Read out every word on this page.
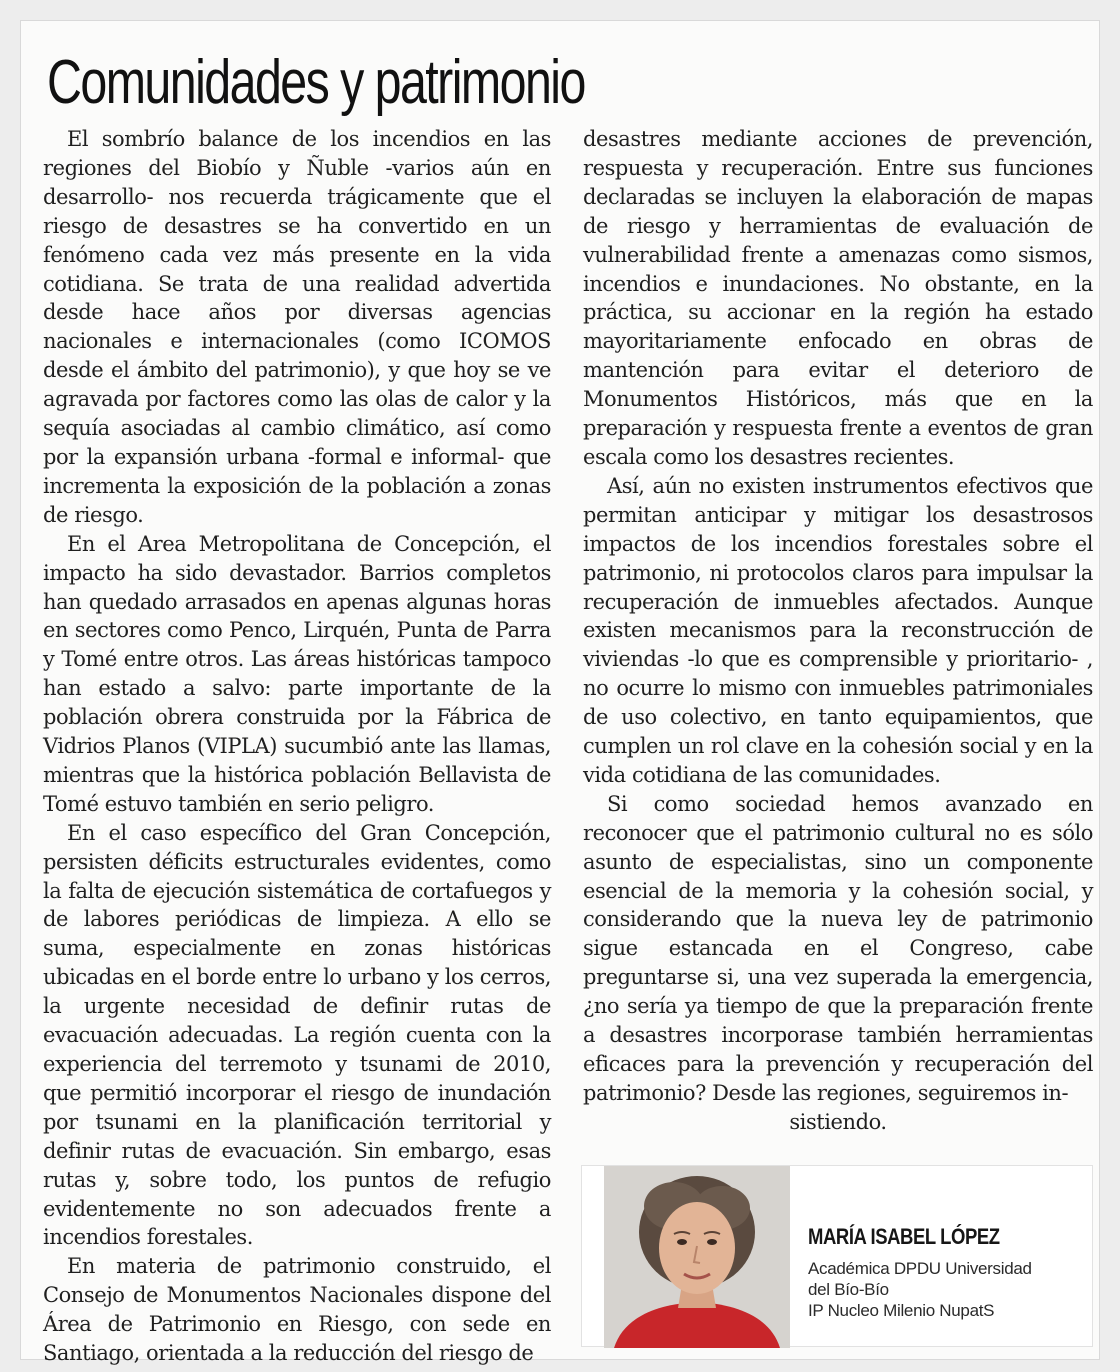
Comunidades y patrimonio

El sombrío balance de los incendios en las regiones del Biobío y Ñuble -varios aún en desarrollo- nos recuerda trágicamente que el riesgo de desastres se ha convertido en un fenómeno cada vez más presente en la vida cotidiana. Se trata de una realidad advertida desde hace años por diversas agencias nacionales e internacionales (como ICOMOS desde el ámbito del patrimonio), y que hoy se ve agravada por factores como las olas de calor y la sequía asociadas al cambio climático, así como por la expansión urbana -formal e informal- que incrementa la exposición de la población a zonas de riesgo.

En el Area Metropolitana de Concepción, el impacto ha sido devastador. Barrios completos han quedado arrasados en apenas algunas horas en sectores como Penco, Lirquén, Punta de Parra y Tomé entre otros. Las áreas históricas tampoco han estado a salvo: parte importante de la población obrera construida por la Fábrica de Vidrios Planos (VIPLA) sucumbió ante las llamas, mientras que la histórica población Bellavista de Tomé estuvo también en serio peligro.

En el caso específico del Gran Concepción, persisten déficits estructurales evidentes, como la falta de ejecución sistemática de cortafuegos y de labores periódicas de limpieza. A ello se suma, especialmente en zonas históricas ubicadas en el borde entre lo urbano y los cerros, la urgente necesidad de definir rutas de evacuación adecuadas. La región cuenta con la experiencia del terremoto y tsunami de 2010, que permitió incorporar el riesgo de inundación por tsunami en la planificación territorial y definir rutas de evacuación. Sin embargo, esas rutas y, sobre todo, los puntos de refugio evidentemente no son adecuados frente a incendios forestales.

En materia de patrimonio construido, el Consejo de Monumentos Nacionales dispone del Área de Patrimonio en Riesgo, con sede en Santiago, orientada a la reducción del riesgo de

desastres mediante acciones de prevención, respuesta y recuperación. Entre sus funciones declaradas se incluyen la elaboración de mapas de riesgo y herramientas de evaluación de vulnerabilidad frente a amenazas como sismos, incendios e inundaciones. No obstante, en la práctica, su accionar en la región ha estado mayoritariamente enfocado en obras de mantención para evitar el deterioro de Monumentos Históricos, más que en la preparación y respuesta frente a eventos de gran escala como los desastres recientes.

Así, aún no existen instrumentos efectivos que permitan anticipar y mitigar los desastrosos impactos de los incendios forestales sobre el patrimonio, ni protocolos claros para impulsar la recuperación de inmuebles afectados. Aunque existen mecanismos para la reconstrucción de viviendas -lo que es comprensible y prioritario- , no ocurre lo mismo con inmuebles patrimoniales de uso colectivo, en tanto equipamientos, que cumplen un rol clave en la cohesión social y en la vida cotidiana de las comunidades.

Si como sociedad hemos avanzado en reconocer que el patrimonio cultural no es sólo asunto de especialistas, sino un componente esencial de la memoria y la cohesión social, y considerando que la nueva ley de patrimonio sigue estancada en el Congreso, cabe preguntarse si, una vez superada la emergencia, ¿no sería ya tiempo de que la preparación frente a desastres incorporase también herramientas eficaces para la prevención y recuperación del patrimonio? Desde las regiones, seguiremos in-

sistiendo.

MARÍA ISABEL LÓPEZ
Académica DPDU Universidad
del Bío-Bío
IP Nucleo Milenio NupatS
